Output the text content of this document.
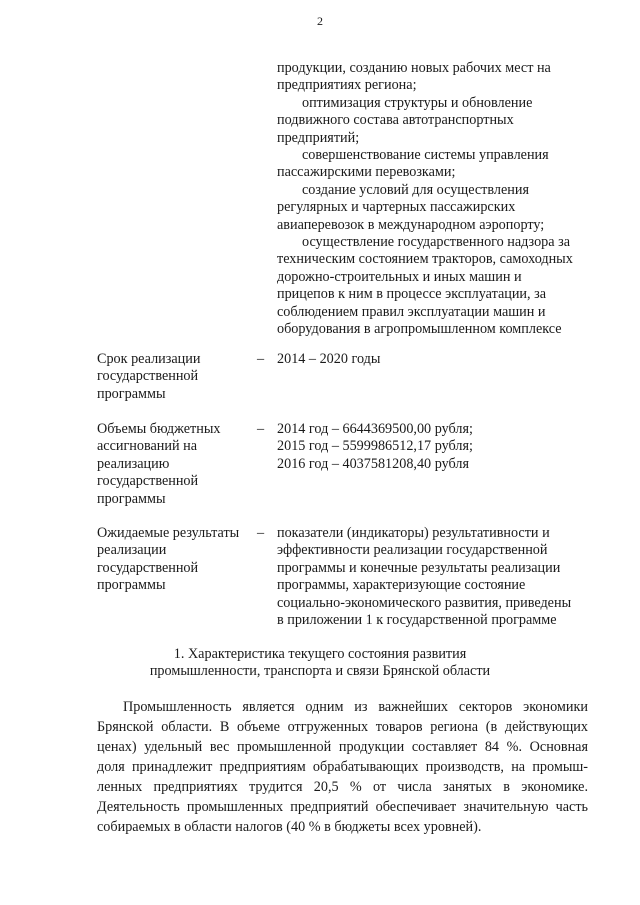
2
продукции, созданию новых рабочих мест на
предприятиях региона;
оптимизация структуры и обновление
подвижного состава автотранспортных
предприятий;
совершенствование системы управления
пассажирскими перевозками;
создание условий для осуществления
регулярных и чартерных пассажирских
авиаперевозок в международном аэропорту;
осуществление государственного надзора за
техническим состоянием тракторов, самоходных
дорожно-строительных и иных машин и
прицепов к ним в процессе эксплуатации, за
соблюдением правил эксплуатации машин и
оборудования в агропромышленном комплексе
Срок реализации
государственной
программы
– 2014 – 2020 годы
Объемы бюджетных
ассигнований на
реализацию
государственной
программы
– 2014 год – 6644369500,00 рубля;
2015 год – 5599986512,17 рубля;
2016 год – 4037581208,40 рубля
Ожидаемые результаты
реализации
государственной
программы
– показатели (индикаторы) результативности и
эффективности реализации государственной
программы и конечные результаты реализации
программы, характеризующие состояние
социально-экономического развития, приведены
в приложении 1 к государственной программе
1. Характеристика текущего состояния развития
промышленности, транспорта и связи Брянской области
Промышленность является одним из важнейших секторов экономики
Брянской области. В объеме отгруженных товаров региона (в действующих
ценах) удельный вес промышленной продукции составляет 84 %. Основная
доля принадлежит предприятиям обрабатывающих производств, на промыш-
ленных предприятиях трудится 20,5 % от числа занятых в экономике.
Деятельность промышленных предприятий обеспечивает значительную часть
собираемых в области налогов (40 % в бюджеты всех уровней).
